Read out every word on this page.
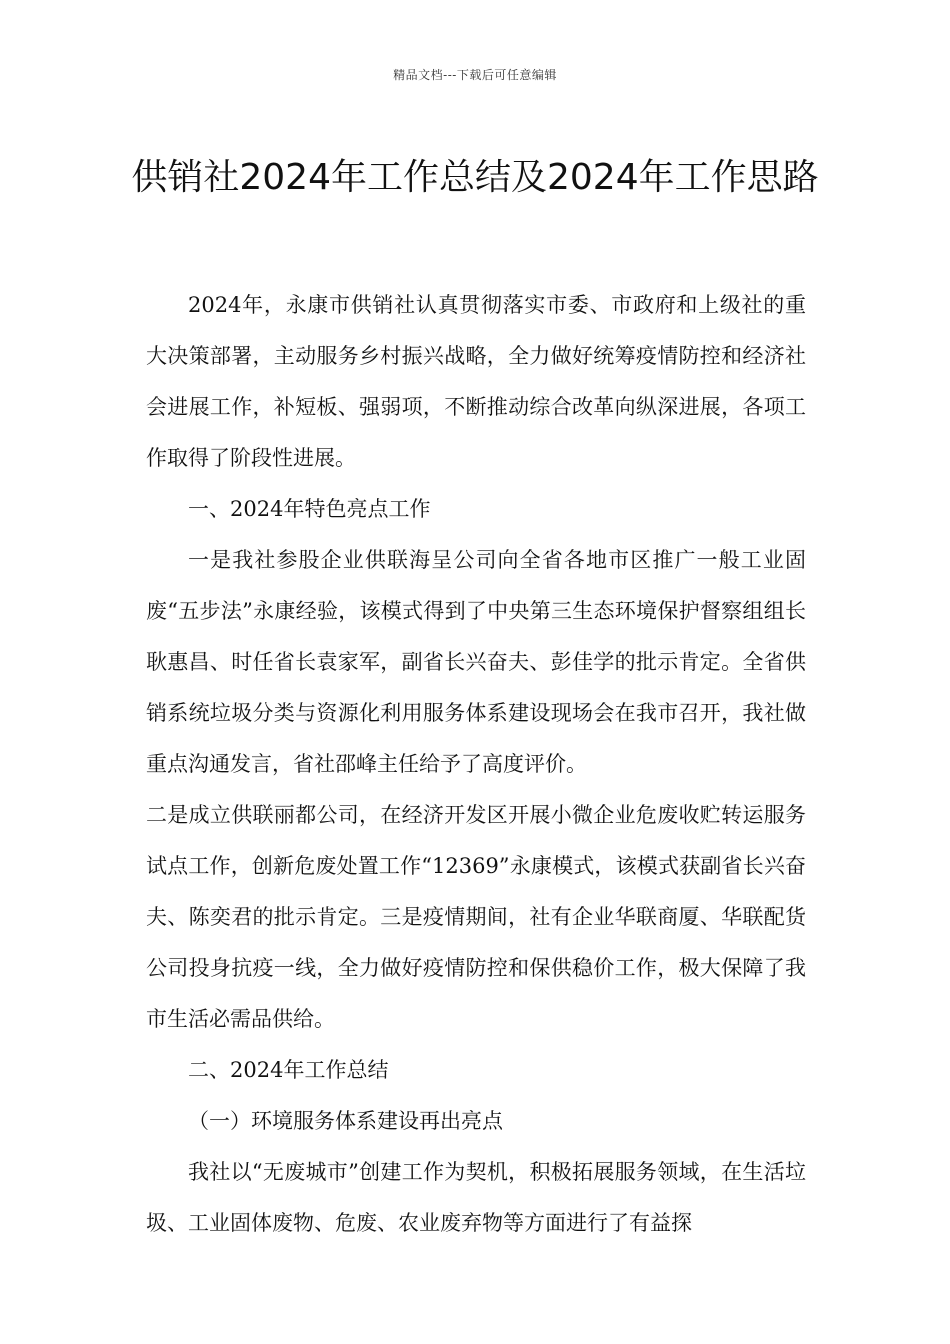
精品文档---下载后可任意编辑
供销社2024年工作总结及2024年工作思路

2024年，永康市供销社认真贯彻落实市委、市政府和上级社的重大决策部署，主动服务乡村振兴战略，全力做好统筹疫情防控和经济社会进展工作，补短板、强弱项，不断推动综合改革向纵深进展，各项工作取得了阶段性进展。

一、2024年特色亮点工作

一是我社参股企业供联海呈公司向全省各地市区推广一般工业固废“五步法”永康经验，该模式得到了中央第三生态环境保护督察组组长耿惠昌、时任省长袁家军，副省长兴奋夫、彭佳学的批示肯定。全省供销系统垃圾分类与资源化利用服务体系建设现场会在我市召开，我社做重点沟通发言，省社邵峰主任给予了高度评价。

二是成立供联丽都公司，在经济开发区开展小微企业危废收贮转运服务试点工作，创新危废处置工作“12369”永康模式，该模式获副省长兴奋夫、陈奕君的批示肯定。三是疫情期间，社有企业华联商厦、华联配货公司投身抗疫一线，全力做好疫情防控和保供稳价工作，极大保障了我市生活必需品供给。

二、2024年工作总结

（一）环境服务体系建设再出亮点

我社以“无废城市”创建工作为契机，积极拓展服务领域，在生活垃圾、工业固体废物、危废、农业废弃物等方面进行了有益探
